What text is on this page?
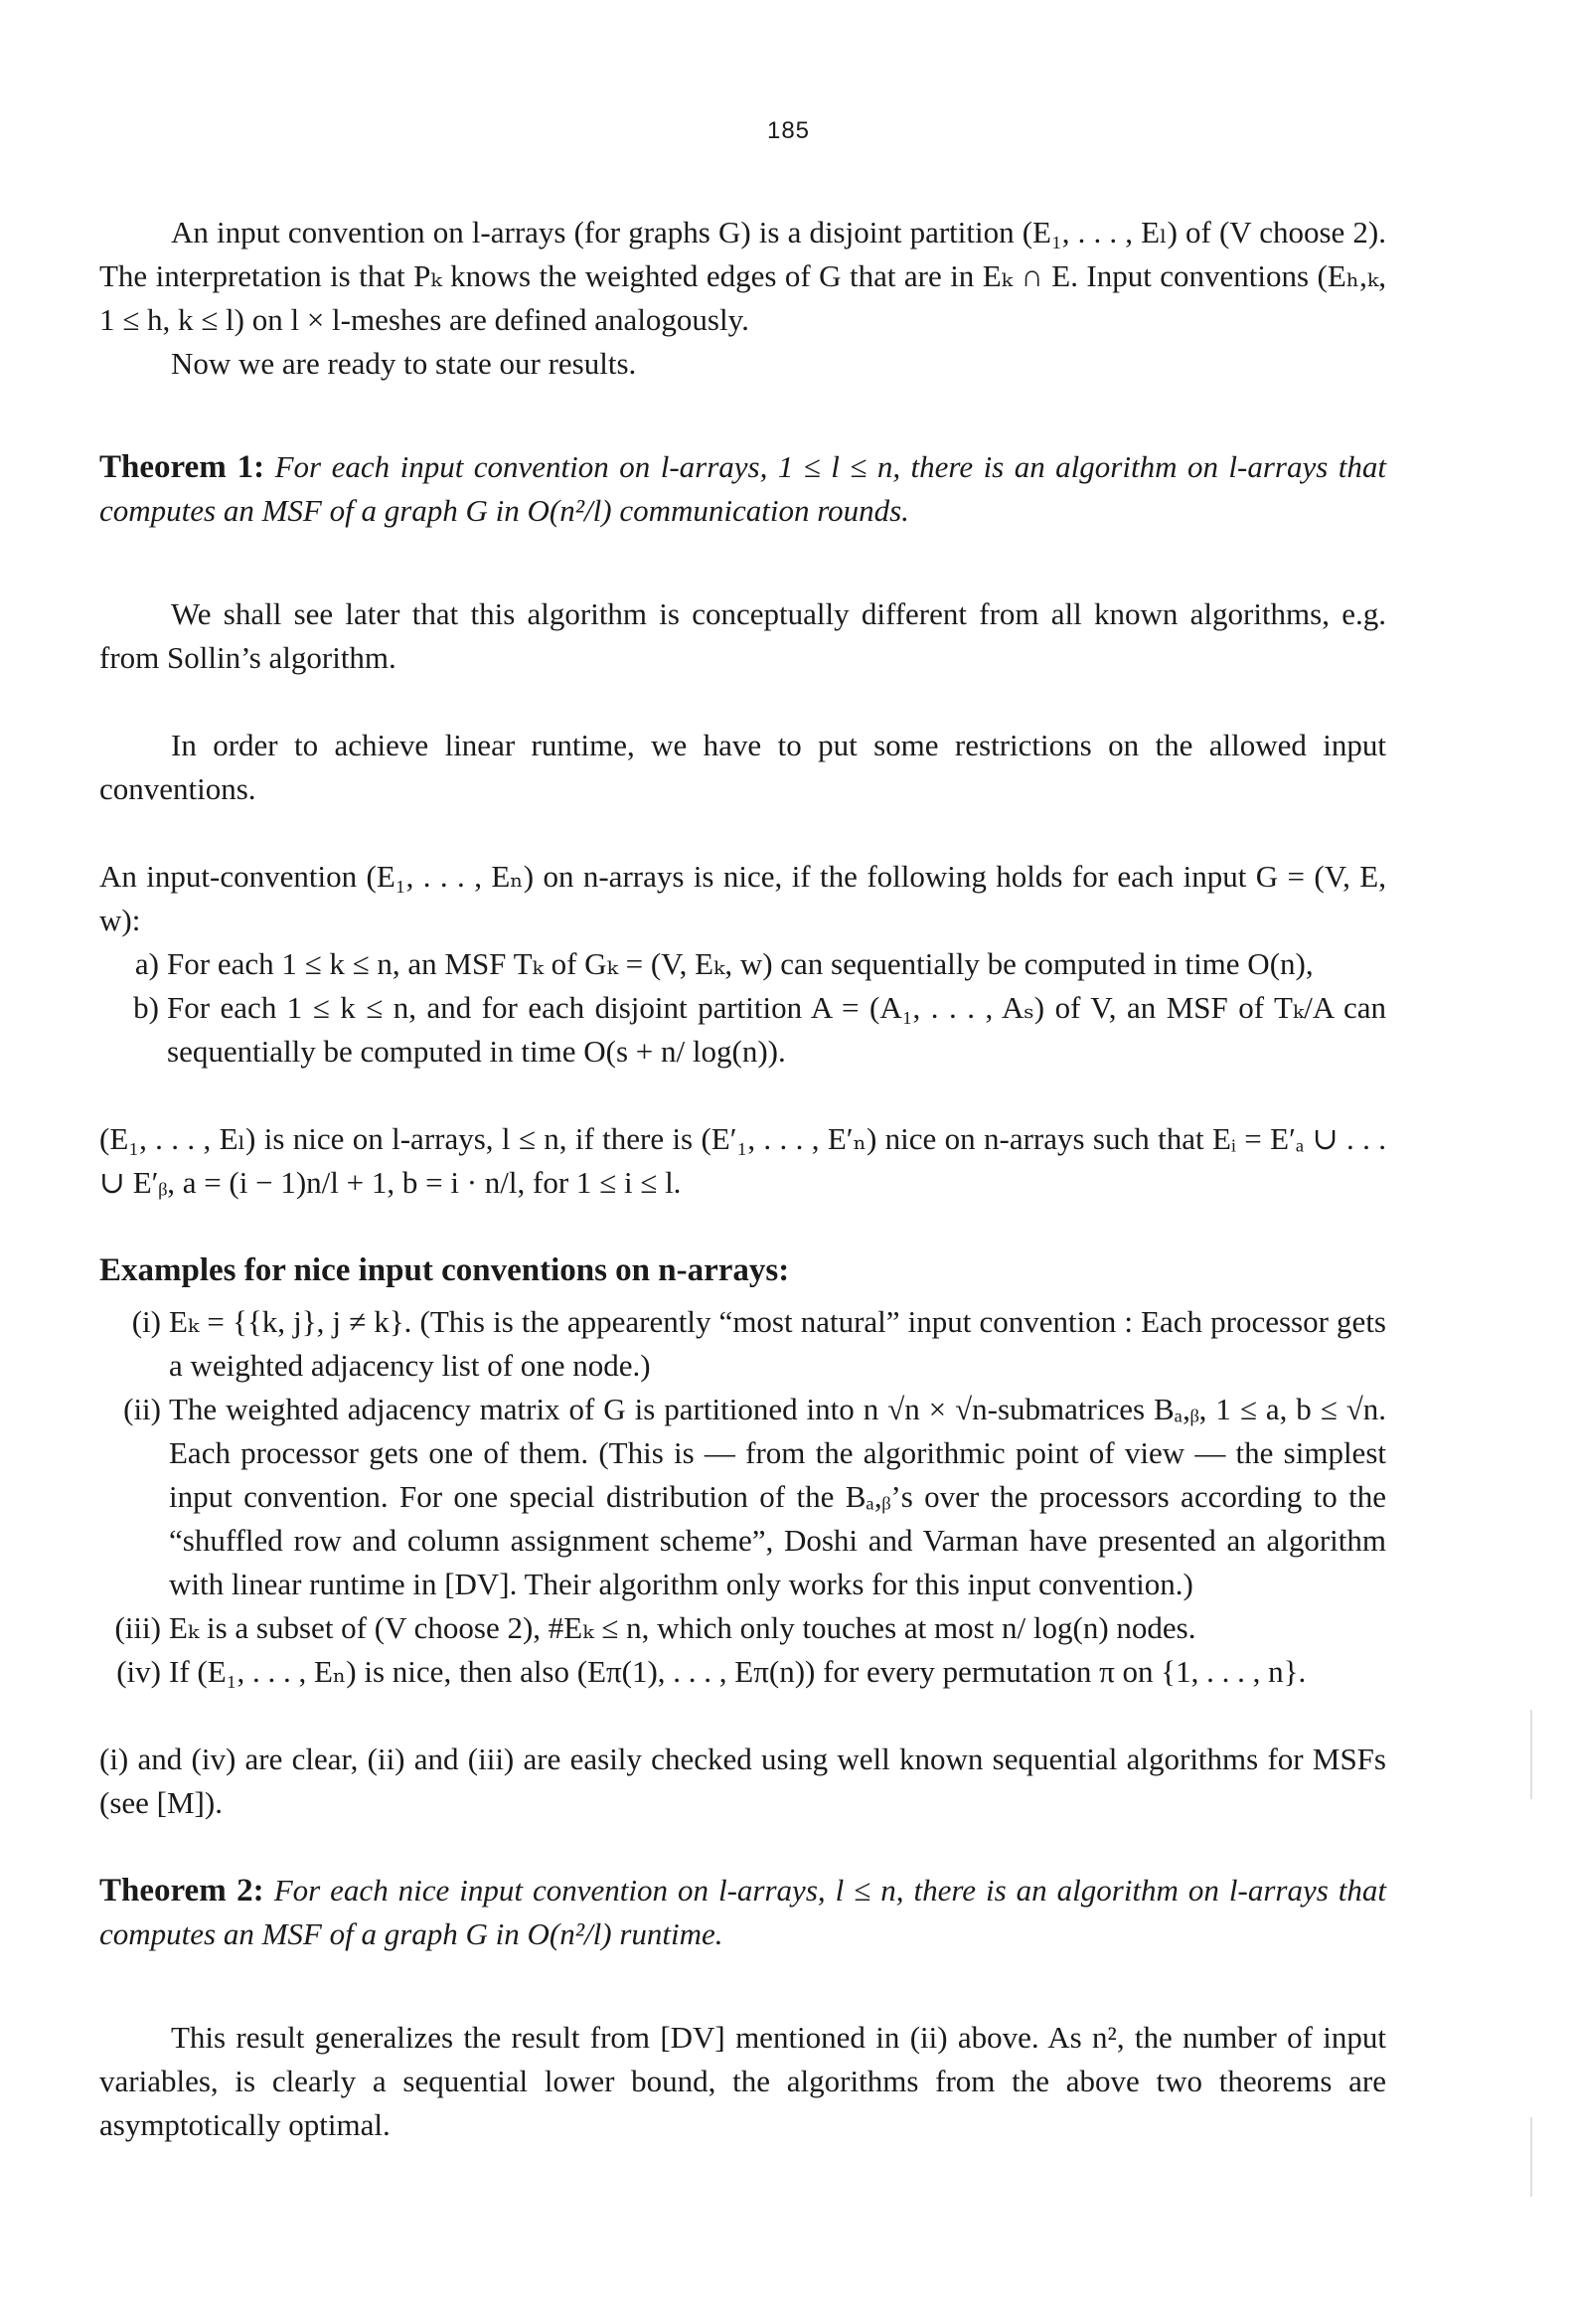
185

An input convention on l-arrays (for graphs G) is a disjoint partition (E₁, . . . , Eₗ) of (V choose 2). The interpretation is that Pₖ knows the weighted edges of G that are in Eₖ ∩ E. Input conventions (Eₕ,ₖ, 1 ≤ h, k ≤ l) on l × l-meshes are defined analogously.

Now we are ready to state our results.

Theorem 1: For each input convention on l-arrays, 1 ≤ l ≤ n, there is an algorithm on l-arrays that computes an MSF of a graph G in O(n²/l) communication rounds.

We shall see later that this algorithm is conceptually different from all known algorithms, e.g. from Sollin’s algorithm.

In order to achieve linear runtime, we have to put some restrictions on the allowed input conventions.

An input-convention (E₁, . . . , Eₙ) on n-arrays is nice, if the following holds for each input G = (V, E, w):

a) For each 1 ≤ k ≤ n, an MSF Tₖ of Gₖ = (V, Eₖ, w) can sequentially be computed in time O(n),
b) For each 1 ≤ k ≤ n, and for each disjoint partition A = (A₁, . . . , Aₛ) of V, an MSF of Tₖ/A can sequentially be computed in time O(s + n/ log(n)).

(E₁, . . . , Eₗ) is nice on l-arrays, l ≤ n, if there is (E′₁, . . . , E′ₙ) nice on n-arrays such that Eᵢ = E′ₐ ∪ . . . ∪ E′ᵦ, a = (i − 1)n/l + 1, b = i · n/l, for 1 ≤ i ≤ l.

Examples for nice input conventions on n-arrays:

(i) Eₖ = {{k, j}, j ≠ k}. (This is the appearently “most natural” input convention : Each processor gets a weighted adjacency list of one node.)
(ii) The weighted adjacency matrix of G is partitioned into n √n × √n-submatrices Bₐ,ᵦ, 1 ≤ a, b ≤ √n. Each processor gets one of them. (This is — from the algorithmic point of view — the simplest input convention. For one special distribution of the Bₐ,ᵦ’s over the processors according to the “shuffled row and column assignment scheme”, Doshi and Varman have presented an algorithm with linear runtime in [DV]. Their algorithm only works for this input convention.)
(iii) Eₖ is a subset of (V choose 2), #Eₖ ≤ n, which only touches at most n/ log(n) nodes.
(iv) If (E₁, . . . , Eₙ) is nice, then also (Eπ(1), . . . , Eπ(n)) for every permutation π on {1, . . . , n}.

(i) and (iv) are clear, (ii) and (iii) are easily checked using well known sequential algorithms for MSFs (see [M]).

Theorem 2: For each nice input convention on l-arrays, l ≤ n, there is an algorithm on l-arrays that computes an MSF of a graph G in O(n²/l) runtime.

This result generalizes the result from [DV] mentioned in (ii) above. As n², the number of input variables, is clearly a sequential lower bound, the algorithms from the above two theorems are asymptotically optimal.
